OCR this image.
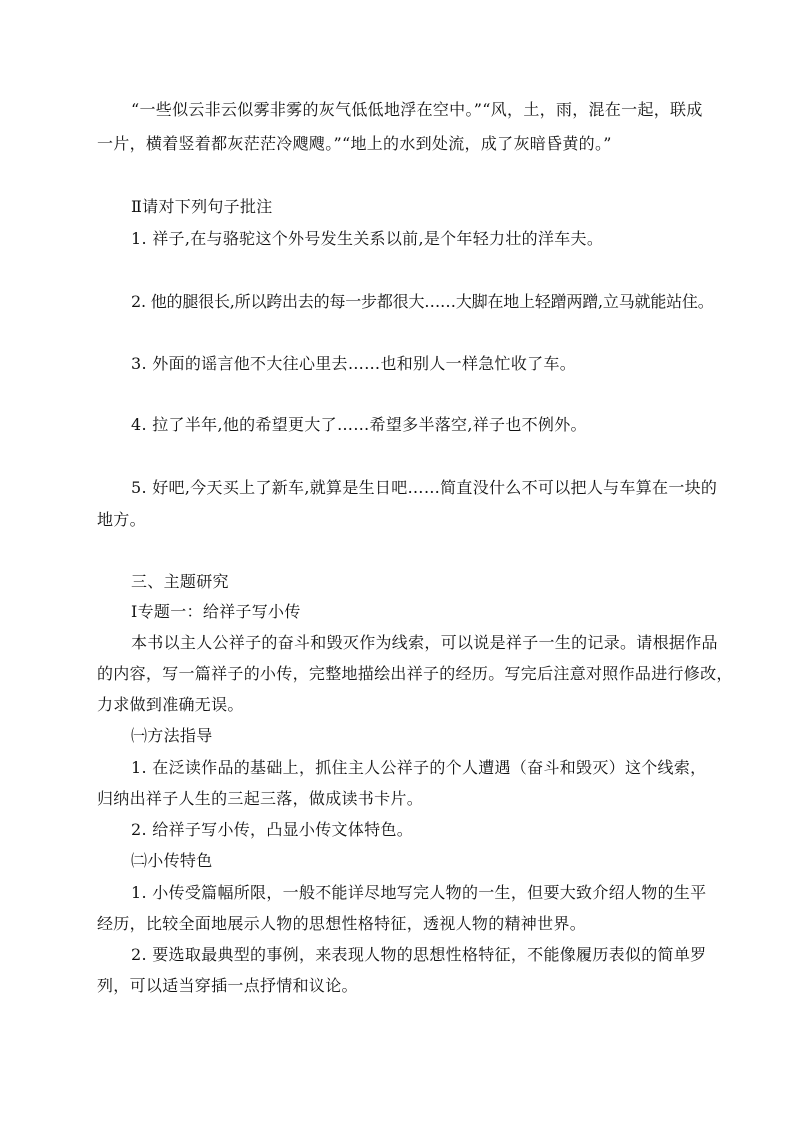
“一些似云非云似雾非雾的灰气低低地浮在空中。”“风，土，雨，混在一起，联成
一片，横着竖着都灰茫茫冷飕飕。”“地上的水到处流，成了灰暗昏黄的。”
Ⅱ请对下列句子批注
1. 祥子,在与骆驼这个外号发生关系以前,是个年轻力壮的洋车夫。
2. 他的腿很长,所以跨出去的每一步都很大……大脚在地上轻蹭两蹭,立马就能站住。
3. 外面的谣言他不大往心里去……也和别人一样急忙收了车。
4. 拉了半年,他的希望更大了……希望多半落空,祥子也不例外。
5. 好吧,今天买上了新车,就算是生日吧……简直没什么不可以把人与车算在一块的
地方。
三、主题研究
Ⅰ专题一：给祥子写小传
本书以主人公祥子的奋斗和毁灭作为线索，可以说是祥子一生的记录。请根据作品
的内容，写一篇祥子的小传，完整地描绘出祥子的经历。写完后注意对照作品进行修改，
力求做到准确无误。
㈠方法指导
1. 在泛读作品的基础上，抓住主人公祥子的个人遭遇（奋斗和毁灭）这个线索，
归纳出祥子人生的三起三落，做成读书卡片。
2. 给祥子写小传，凸显小传文体特色。
㈡小传特色
1. 小传受篇幅所限，一般不能详尽地写完人物的一生，但要大致介绍人物的生平
经历，比较全面地展示人物的思想性格特征，透视人物的精神世界。
2. 要选取最典型的事例，来表现人物的思想性格特征，不能像履历表似的简单罗
列，可以适当穿插一点抒情和议论。
